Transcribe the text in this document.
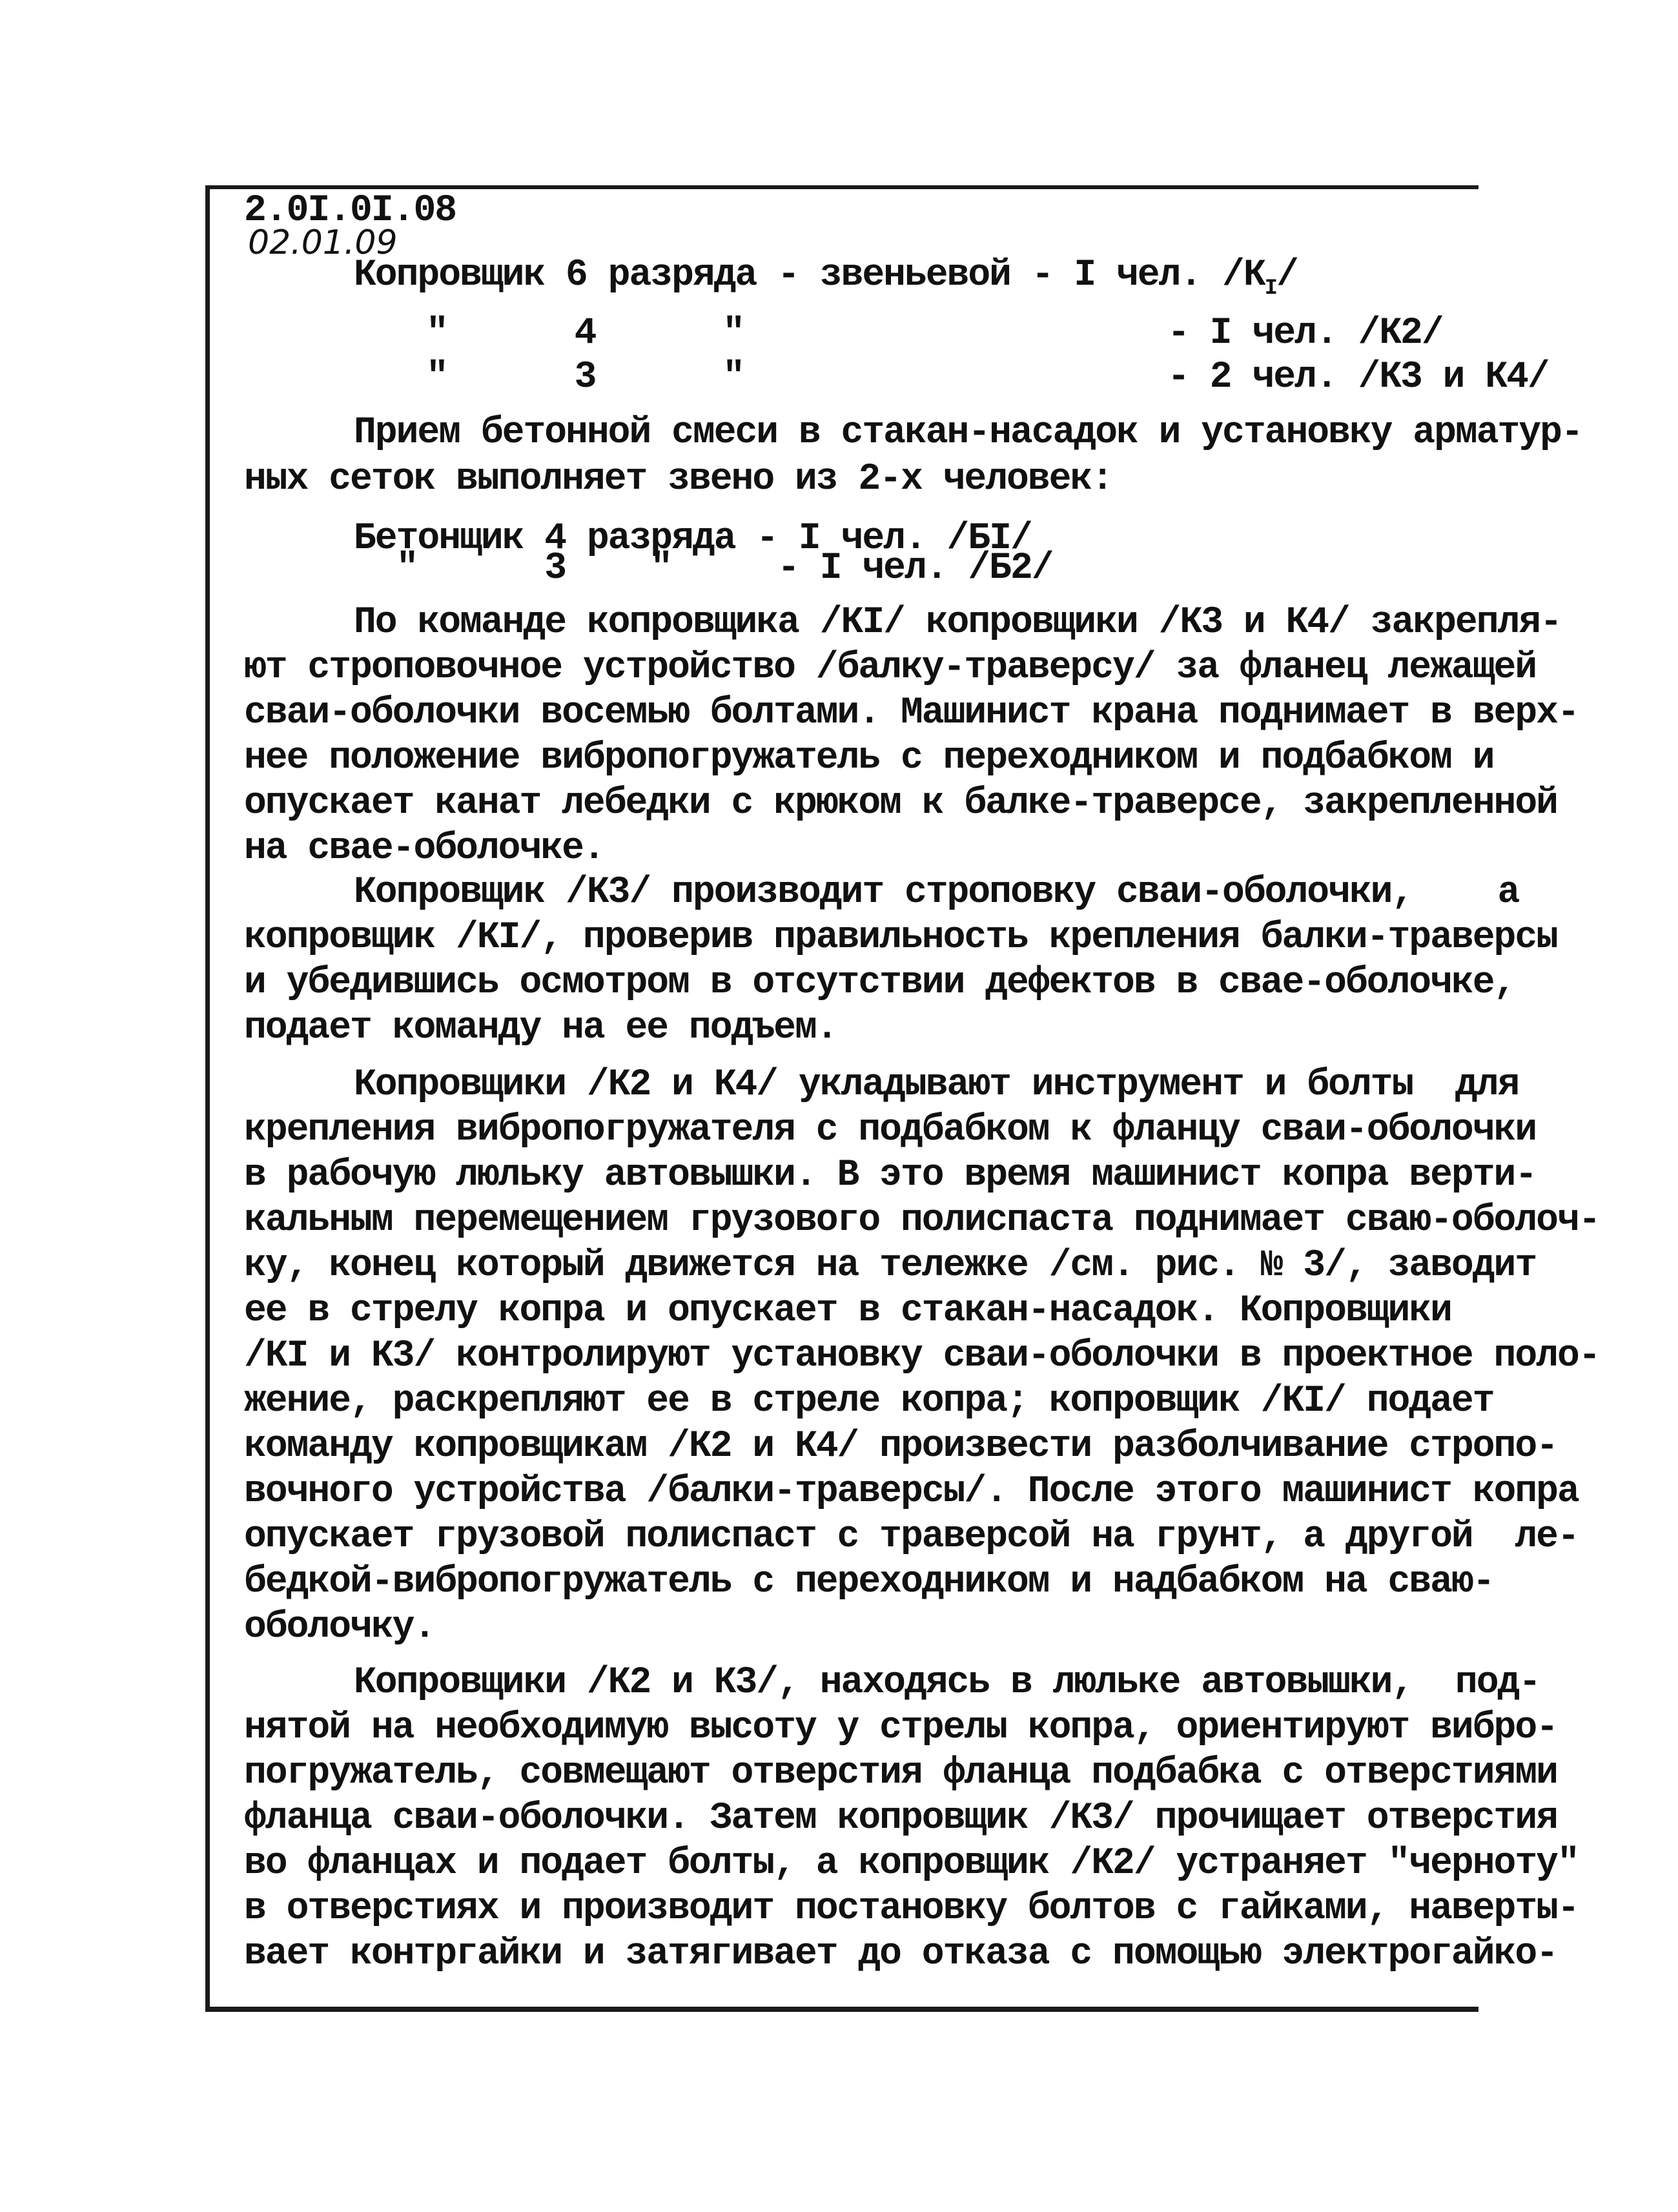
2.0I.0I.08
02.01.09
Копровщик 6 разряда - звеньевой - I чел. $/К_I/$
"      4      "                    - I чел. /К2/
"      3      "                    - 2 чел. /К3 и К4/
Прием бетонной смеси в стакан-насадок и установку арматур-
ных сеток выполняет звено из 2-х человек:
Бетонщик 4 разряда - I чел. /БI/
"      3    "     - I чел. /Б2/
По команде копровщика /КI/ копровщики /К3 и К4/ закрепля-
ют строповочное устройство /балку-траверсу/ за фланец лежащей
сваи-оболочки восемью болтами. Машинист крана поднимает в верх-
нее положение вибропогружатель с переходником и подбабком и
опускает канат лебедки с крюком к балке-траверсе, закрепленной
на свае-оболочке.
Копровщик /К3/ производит строповку сваи-оболочки,    а
копровщик /КI/, проверив правильность крепления балки-траверсы
и убедившись осмотром в отсутствии дефектов в свае-оболочке,
подает команду на ее подъем.
Копровщики /К2 и К4/ укладывают инструмент и болты  для
крепления вибропогружателя с подбабком к фланцу сваи-оболочки
в рабочую люльку автовышки. В это время машинист копра верти-
кальным перемещением грузового полиспаста поднимает сваю-оболоч-
ку, конец который движется на тележке /см. рис. № 3/, заводит
ее в стрелу копра и опускает в стакан-насадок. Копровщики
/КI и К3/ контролируют установку сваи-оболочки в проектное поло-
жение, раскрепляют ее в стреле копра; копровщик /КI/ подает
команду копровщикам /К2 и К4/ произвести разболчивание стропо-
вочного устройства /балки-траверсы/. После этого машинист копра
опускает грузовой полиспаст с траверсой на грунт, а другой  ле-
бедкой-вибропогружатель с переходником и надбабком на сваю-
оболочку.
Копровщики /К2 и К3/, находясь в люльке автовышки,  под-
нятой на необходимую высоту у стрелы копра, ориентируют вибро-
погружатель, совмещают отверстия фланца подбабка с отверстиями
фланца сваи-оболочки. Затем копровщик /К3/ прочищает отверстия
во фланцах и подает болты, а копровщик /К2/ устраняет "черноту"
в отверстиях и производит постановку болтов с гайками, наверты-
вает контргайки и затягивает до отказа с помощью электрогайко-
